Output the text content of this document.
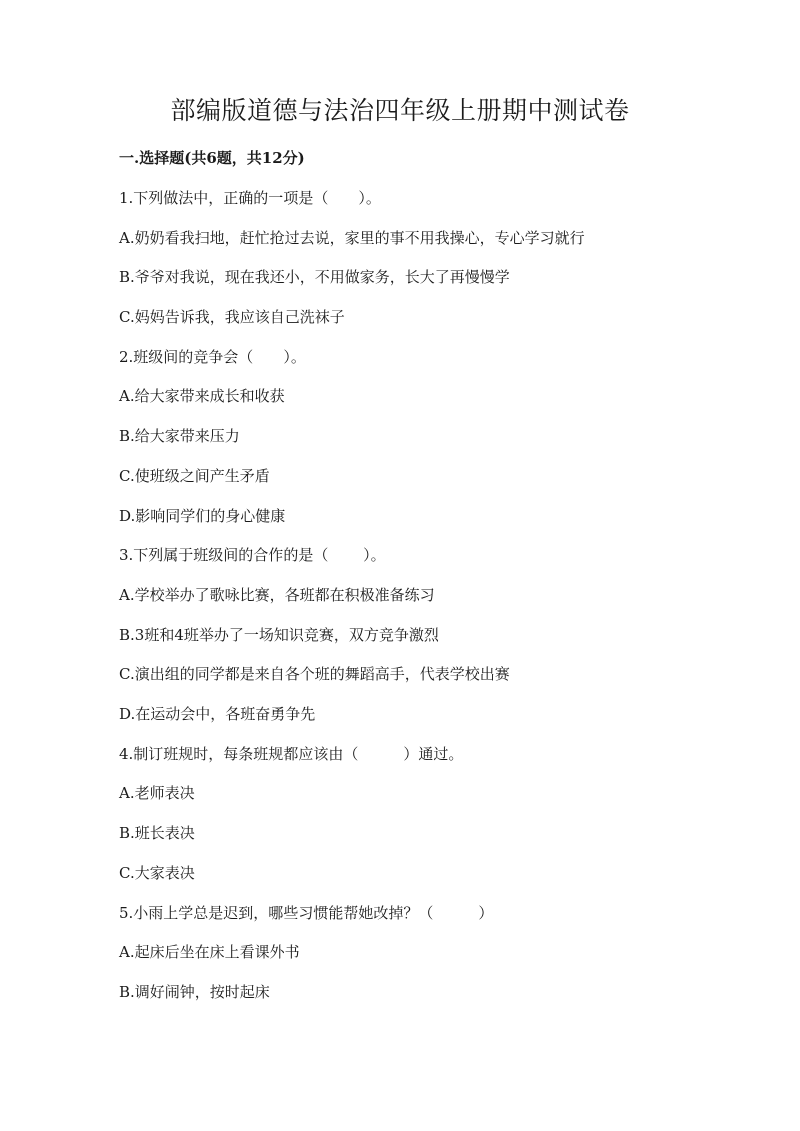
部编版道德与法治四年级上册期中测试卷

一.选择题(共6题，共12分)

1.下列做法中，正确的一项是（　　）。

A.奶奶看我扫地，赶忙抢过去说，家里的事不用我操心，专心学习就行

B.爷爷对我说，现在我还小，不用做家务，长大了再慢慢学

C.妈妈告诉我，我应该自己洗袜子

2.班级间的竞争会（　　）。

A.给大家带来成长和收获

B.给大家带来压力

C.使班级之间产生矛盾

D.影响同学们的身心健康

3.下列属于班级间的合作的是（　　 ）。

A.学校举办了歌咏比赛，各班都在积极准备练习

B.3班和4班举办了一场知识竞赛，双方竞争激烈

C.演出组的同学都是来自各个班的舞蹈高手，代表学校出赛

D.在运动会中，各班奋勇争先

4.制订班规时，每条班规都应该由（　　　）通过。

A.老师表决

B.班长表决

C.大家表决

5.小雨上学总是迟到，哪些习惯能帮她改掉？（　　　）

A.起床后坐在床上看课外书

B.调好闹钟，按时起床
